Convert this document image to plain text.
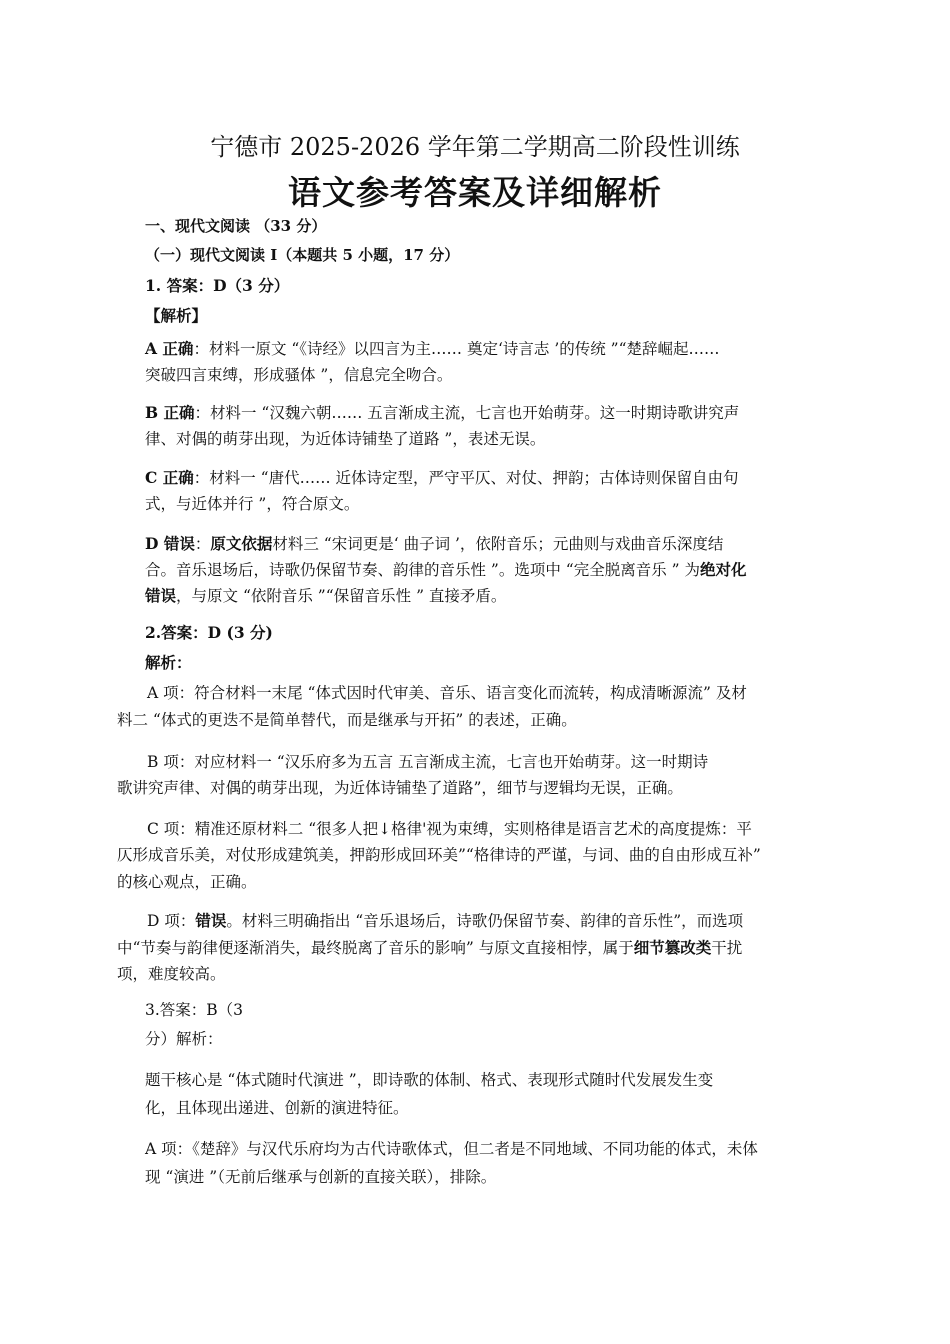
宁德市 2025-2026 学年第二学期高二阶段性训练
语文参考答案及详细解析
一、现代文阅读 （33 分）
（一）现代文阅读 I（本题共 5 小题，17 分）
1. 答案：D（3 分）
【解析】
A 正确：材料一原文 “《诗经》以四言为主…… 奠定‘诗言志 ’的传统 ”“楚辞崛起……
突破四言束缚，形成骚体 ”，信息完全吻合。
B 正确：材料一 “汉魏六朝…… 五言渐成主流，七言也开始萌芽。这一时期诗歌讲究声
律、对偶的萌芽出现，为近体诗铺垫了道路 ”，表述无误。
C 正确：材料一 “唐代…… 近体诗定型，严守平仄、对仗、押韵；古体诗则保留自由句
式，与近体并行 ”，符合原文。
D 错误：原文依据材料三 “宋词更是‘ 曲子词 ’，依附音乐；元曲则与戏曲音乐深度结
合。音乐退场后，诗歌仍保留节奏、韵律的音乐性 ”。选项中 “完全脱离音乐 ” 为绝对化
错误，与原文 “依附音乐 ”“保留音乐性 ” 直接矛盾。
2.答案：D (3 分)
解析：
A 项：符合材料一末尾 “体式因时代审美、音乐、语言变化而流转，构成清晰源流” 及材
料二 “体式的更迭不是简单替代，而是继承与开拓” 的表述，正确。
B 项：对应材料一 “汉乐府多为五言 五言渐成主流，七言也开始萌芽。这一时期诗
歌讲究声律、对偶的萌芽出现，为近体诗铺垫了道路”，细节与逻辑均无误，正确。
C 项：精准还原材料二 “很多人把↓格律'视为束缚，实则格律是语言艺术的高度提炼：平
仄形成音乐美，对仗形成建筑美，押韵形成回环美”“格律诗的严谨，与词、曲的自由形成互补”
的核心观点，正确。
D 项：错误。材料三明确指出 “音乐退场后，诗歌仍保留节奏、韵律的音乐性”，而选项
中“节奏与韵律便逐渐消失，最终脱离了音乐的影响” 与原文直接相悖，属于细节篡改类干扰
项，难度较高。
3.答案：B（3
分）解析：
题干核心是 “体式随时代演进 ”，即诗歌的体制、格式、表现形式随时代发展发生变
化，且体现出递进、创新的演进特征。
A 项：《楚辞》与汉代乐府均为古代诗歌体式，但二者是不同地域、不同功能的体式，未体
现 “演进 ”（无前后继承与创新的直接关联），排除。
